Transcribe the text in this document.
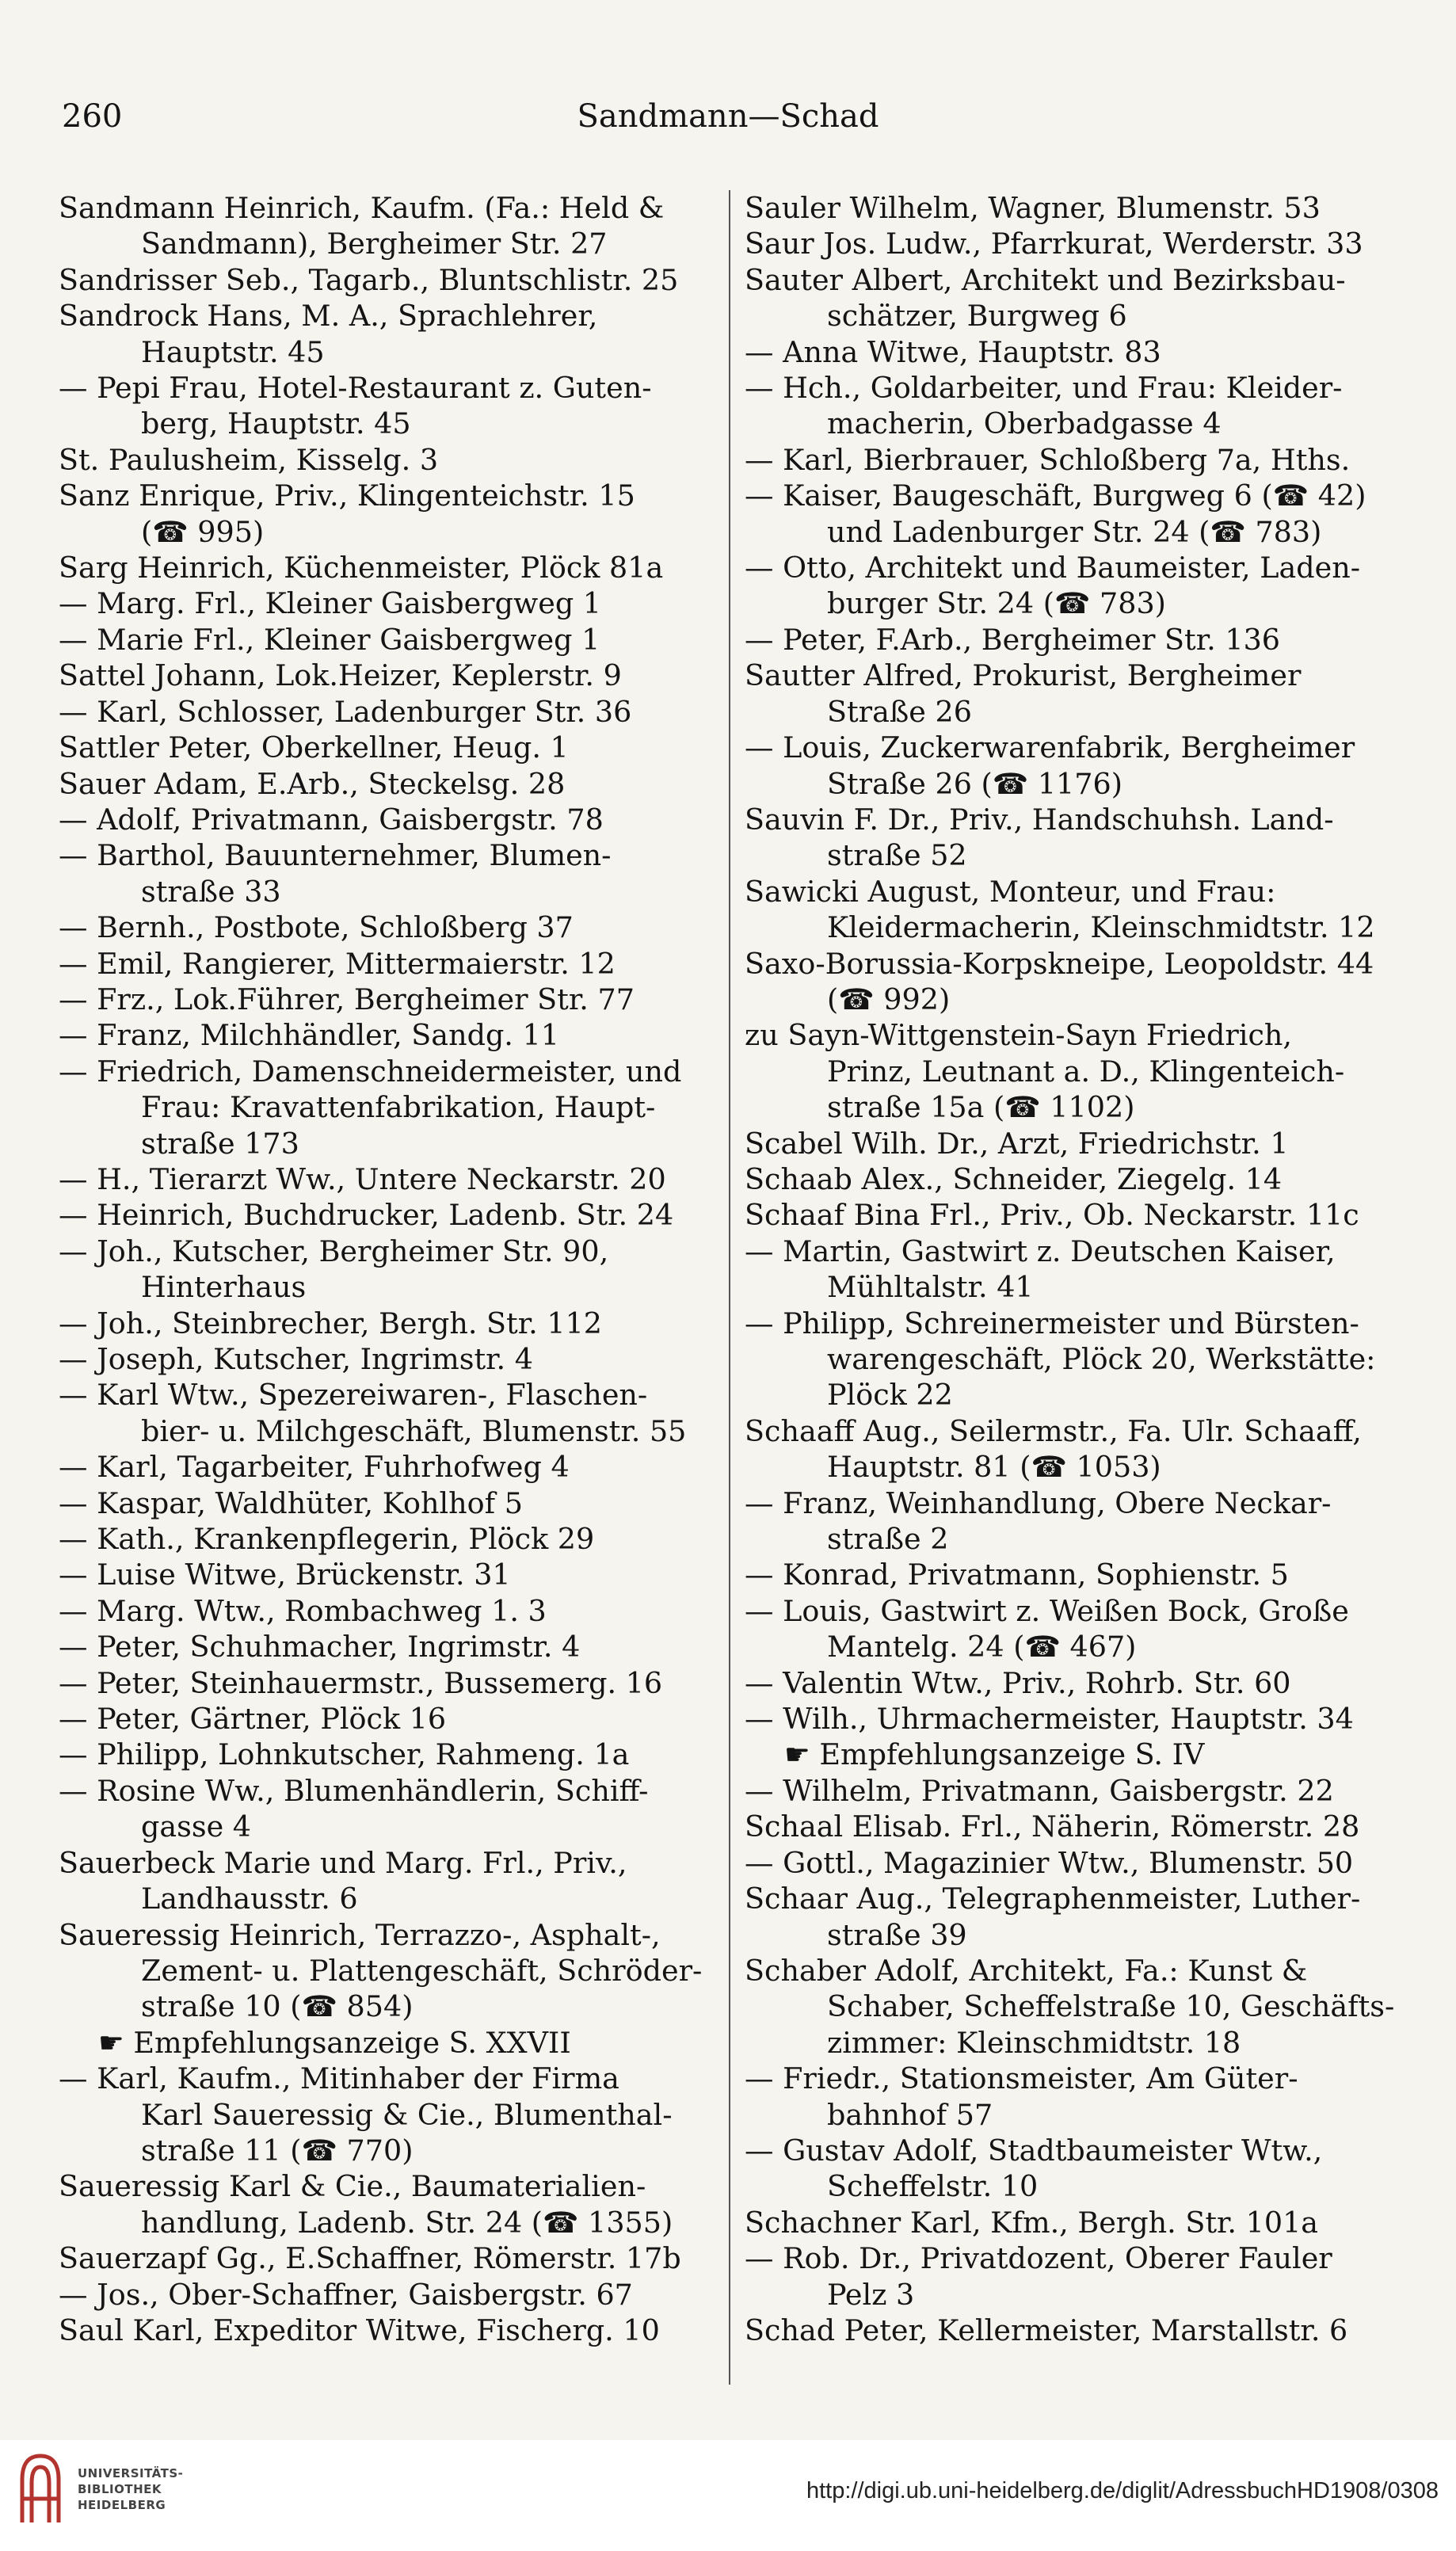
260	Sandmann—Schad
Sandmann Heinrich, Kaufm. (Fa.: Held &
Sandmann), Bergheimer Str. 27
Sandrisser Seb., Tagarb., Bluntschlistr. 25
Sandrock Hans, M. A., Sprachlehrer,
Hauptstr. 45
— Pepi Frau, Hotel-Restaurant z. Guten-
berg, Hauptstr. 45
St. Paulusheim, Kisselg. 3
Sanz Enrique, Priv., Klingenteichstr. 15
(☎ 995)
Sarg Heinrich, Küchenmeister, Plöck 81a
— Marg. Frl., Kleiner Gaisbergweg 1
— Marie Frl., Kleiner Gaisbergweg 1
Sattel Johann, Lok.Heizer, Keplerstr. 9
— Karl, Schlosser, Ladenburger Str. 36
Sattler Peter, Oberkellner, Heug. 1
Sauer Adam, E.Arb., Steckelsg. 28
— Adolf, Privatmann, Gaisbergstr. 78
— Barthol, Bauunternehmer, Blumen-
straße 33
— Bernh., Postbote, Schloßberg 37
— Emil, Rangierer, Mittermaierstr. 12
— Frz., Lok.Führer, Bergheimer Str. 77
— Franz, Milchhändler, Sandg. 11
— Friedrich, Damenschneidermeister, und
Frau: Kravattenfabrikation, Haupt-
straße 173
— H., Tierarzt Ww., Untere Neckarstr. 20
— Heinrich, Buchdrucker, Ladenb. Str. 24
— Joh., Kutscher, Bergheimer Str. 90,
Hinterhaus
— Joh., Steinbrecher, Bergh. Str. 112
— Joseph, Kutscher, Ingrimstr. 4
— Karl Wtw., Spezereiwaren-, Flaschen-
bier- u. Milchgeschäft, Blumenstr. 55
— Karl, Tagarbeiter, Fuhrhofweg 4
— Kaspar, Waldhüter, Kohlhof 5
— Kath., Krankenpflegerin, Plöck 29
— Luise Witwe, Brückenstr. 31
— Marg. Wtw., Rombachweg 1. 3
— Peter, Schuhmacher, Ingrimstr. 4
— Peter, Steinhauermstr., Bussemerg. 16
— Peter, Gärtner, Plöck 16
— Philipp, Lohnkutscher, Rahmeng. 1a
— Rosine Ww., Blumenhändlerin, Schiff-
gasse 4
Sauerbeck Marie und Marg. Frl., Priv.,
Landhausstr. 6
Saueressig Heinrich, Terrazzo-, Asphalt-,
Zement- u. Plattengeschäft, Schröder-
straße 10 (☎ 854)
☛ Empfehlungsanzeige S. XXVII
— Karl, Kaufm., Mitinhaber der Firma
Karl Saueressig & Cie., Blumenthal-
straße 11 (☎ 770)
Saueressig Karl & Cie., Baumaterialien-
handlung, Ladenb. Str. 24 (☎ 1355)
Sauerzapf Gg., E.Schaffner, Römerstr. 17b
— Jos., Ober-Schaffner, Gaisbergstr. 67
Saul Karl, Expeditor Witwe, Fischerg. 10
Sauler Wilhelm, Wagner, Blumenstr. 53
Saur Jos. Ludw., Pfarrkurat, Werderstr. 33
Sauter Albert, Architekt und Bezirksbau-
schätzer, Burgweg 6
— Anna Witwe, Hauptstr. 83
— Hch., Goldarbeiter, und Frau: Kleider-
macherin, Oberbadgasse 4
— Karl, Bierbrauer, Schloßberg 7a, Hths.
— Kaiser, Baugeschäft, Burgweg 6 (☎ 42)
und Ladenburger Str. 24 (☎ 783)
— Otto, Architekt und Baumeister, Laden-
burger Str. 24 (☎ 783)
— Peter, F.Arb., Bergheimer Str. 136
Sautter Alfred, Prokurist, Bergheimer
Straße 26
— Louis, Zuckerwarenfabrik, Bergheimer
Straße 26 (☎ 1176)
Sauvin F. Dr., Priv., Handschuhsh. Land-
straße 52
Sawicki August, Monteur, und Frau:
Kleidermacherin, Kleinschmidtstr. 12
Saxo-Borussia-Korpskneipe, Leopoldstr. 44
(☎ 992)
zu Sayn-Wittgenstein-Sayn Friedrich,
Prinz, Leutnant a. D., Klingenteich-
straße 15a (☎ 1102)
Scabel Wilh. Dr., Arzt, Friedrichstr. 1
Schaab Alex., Schneider, Ziegelg. 14
Schaaf Bina Frl., Priv., Ob. Neckarstr. 11c
— Martin, Gastwirt z. Deutschen Kaiser,
Mühltalstr. 41
— Philipp, Schreinermeister und Bürsten-
warengeschäft, Plöck 20, Werkstätte:
Plöck 22
Schaaff Aug., Seilermstr., Fa. Ulr. Schaaff,
Hauptstr. 81 (☎ 1053)
— Franz, Weinhandlung, Obere Neckar-
straße 2
— Konrad, Privatmann, Sophienstr. 5
— Louis, Gastwirt z. Weißen Bock, Große
Mantelg. 24 (☎ 467)
— Valentin Wtw., Priv., Rohrb. Str. 60
— Wilh., Uhrmachermeister, Hauptstr. 34
☛ Empfehlungsanzeige S. IV
— Wilhelm, Privatmann, Gaisbergstr. 22
Schaal Elisab. Frl., Näherin, Römerstr. 28
— Gottl., Magazinier Wtw., Blumenstr. 50
Schaar Aug., Telegraphenmeister, Luther-
straße 39
Schaber Adolf, Architekt, Fa.: Kunst &
Schaber, Scheffelstraße 10, Geschäfts-
zimmer: Kleinschmidtstr. 18
— Friedr., Stationsmeister, Am Güter-
bahnhof 57
— Gustav Adolf, Stadtbaumeister Wtw.,
Scheffelstr. 10
Schachner Karl, Kfm., Bergh. Str. 101a
— Rob. Dr., Privatdozent, Oberer Fauler
Pelz 3
Schad Peter, Kellermeister, Marstallstr. 6
UNIVERSITÄTS-
BIBLIOTHEK
HEIDELBERG
http://digi.ub.uni-heidelberg.de/diglit/AdressbuchHD1908/0308
